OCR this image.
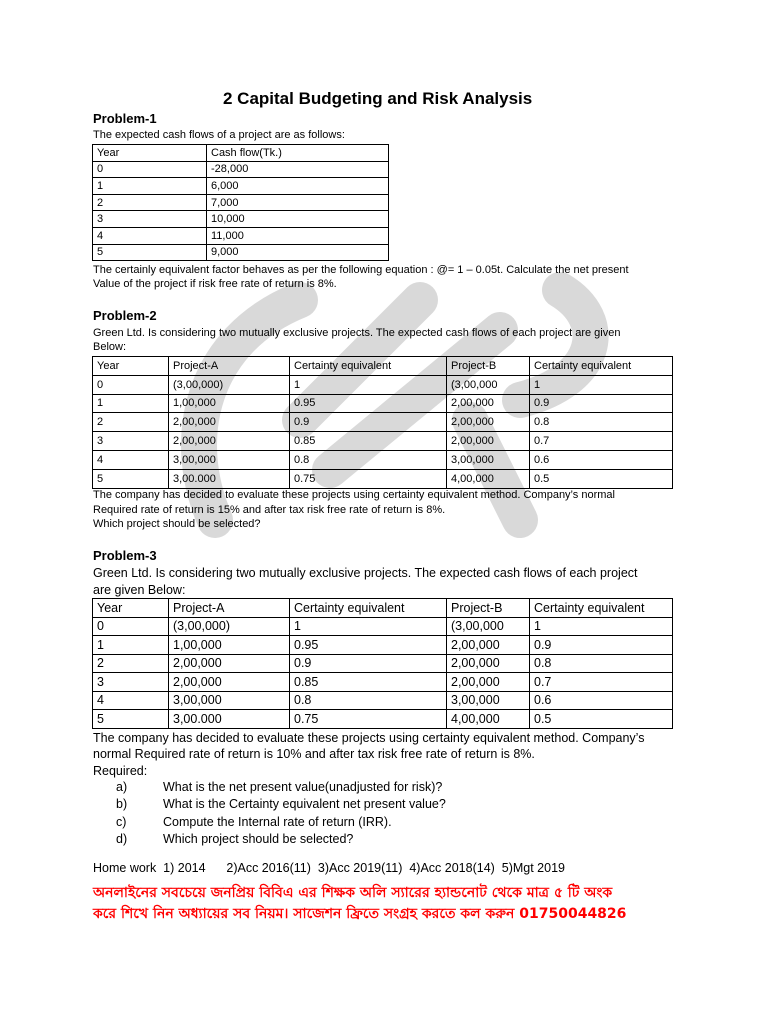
2 Capital Budgeting and Risk Analysis
Problem-1
The expected cash flows of a project are as follows:
Year	Cash flow(Tk.)
0	-28,000
1	6,000
2	7,000
3	10,000
4	11,000
5	9,000
The certainly equivalent factor behaves as per the following equation : @= 1 – 0.05t. Calculate the net present
Value of the project if risk free rate of return is 8%.
Problem-2
Green Ltd. Is considering two mutually exclusive projects. The expected cash flows of each project are given
Below:
Year	Project-A	Certainty equivalent	Project-B	Certainty equivalent
0	(3,00,000)	1	(3,00,000	1
1	1,00,000	0.95	2,00,000	0.9
2	2,00,000	0.9	2,00,000	0.8
3	2,00,000	0.85	2,00,000	0.7
4	3,00,000	0.8	3,00,000	0.6
5	3,00.000	0.75	4,00,000	0.5
The company has decided to evaluate these projects using certainty equivalent method. Company’s normal
Required rate of return is 15% and after tax risk free rate of return is 8%.
Which project should be selected?
Problem-3
Green Ltd. Is considering two mutually exclusive projects. The expected cash flows of each project
are given Below:
Year	Project-A	Certainty equivalent	Project-B	Certainty equivalent
0	(3,00,000)	1	(3,00,000	1
1	1,00,000	0.95	2,00,000	0.9
2	2,00,000	0.9	2,00,000	0.8
3	2,00,000	0.85	2,00,000	0.7
4	3,00,000	0.8	3,00,000	0.6
5	3,00.000	0.75	4,00,000	0.5
The company has decided to evaluate these projects using certainty equivalent method. Company’s
normal Required rate of return is 10% and after tax risk free rate of return is 8%.
Required:
a)	What is the net present value(unadjusted for risk)?
b)	What is the Certainty equivalent net present value?
c)	Compute the Internal rate of return (IRR).
d)	Which project should be selected?
Home work  1) 2014      2)Acc 2016(11)  3)Acc 2019(11)  4)Acc 2018(14)  5)Mgt 2019
অনলাইনের সবচেয়ে জনপ্রিয় বিবিএ এর শিক্ষক অলি স্যারের হ্যান্ডনোট থেকে মাত্র ৫ টি অংক
করে শিখে নিন অধ্যায়ের সব নিয়ম। সাজেশন ফ্রিতে সংগ্রহ করতে কল করুন 01750044826
